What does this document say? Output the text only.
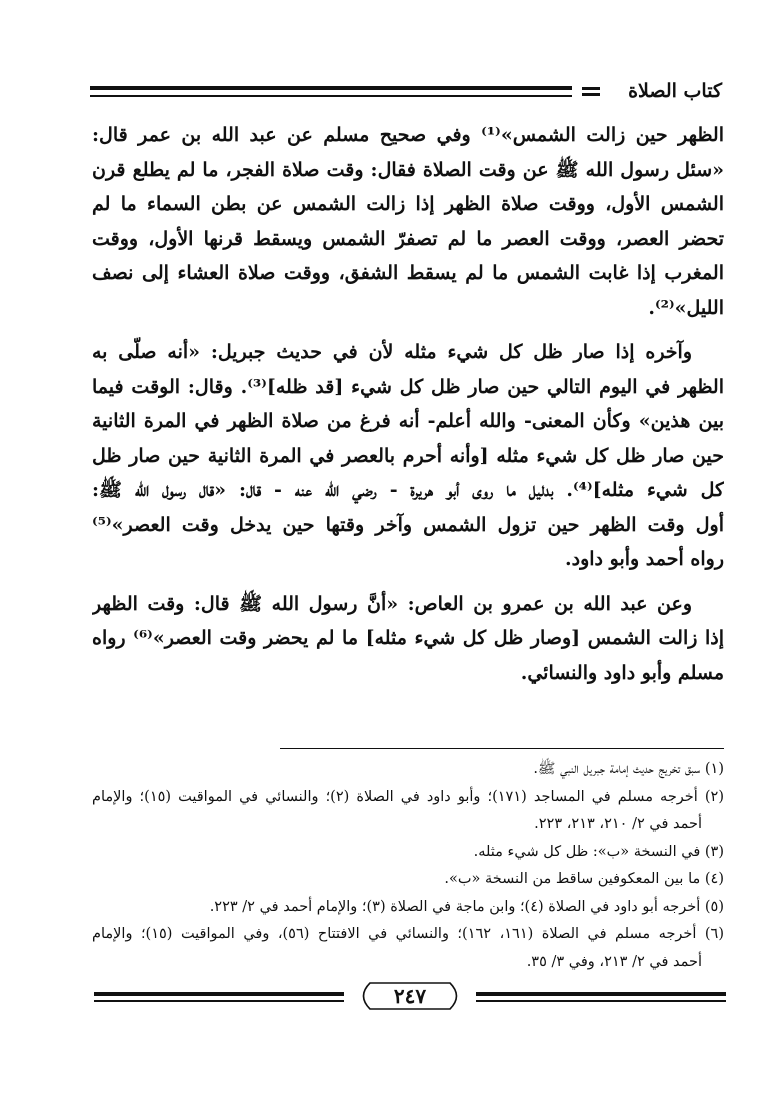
كتاب الصلاة

الظهر حين زالت الشمس»⁽¹⁾ وفي صحيح مسلم عن عبد الله بن عمر قال:
«سئل رسول الله ﷺ عن وقت الصلاة فقال: وقت صلاة الفجر، ما لم يطلع قرن
الشمس الأول، ووقت صلاة الظهر إذا زالت الشمس عن بطن السماء ما لم
تحضر العصر، ووقت العصر ما لم تصفرّ الشمس ويسقط قرنها الأول، ووقت
المغرب إذا غابت الشمس ما لم يسقط الشفق، ووقت صلاة العشاء إلى نصف
الليل»⁽²⁾.

وآخره إذا صار ظل كل شيء مثله لأن في حديث جبريل: «أنه صلّى به
الظهر في اليوم التالي حين صار ظل كل شيء [قد ظله]⁽³⁾. وقال: الوقت فيما
بين هذين» وكأن المعنى- والله أعلم- أنه فرغ من صلاة الظهر في المرة الثانية
حين صار ظل كل شيء مثله [وأنه أحرم بالعصر في المرة الثانية حين صار ظل
كل شيء مثله]⁽⁴⁾. بدليل ما روى أبو هريرة - رضي الله عنه - قال: «قال رسول الله ﷺ:
أول وقت الظهر حين تزول الشمس وآخر وقتها حين يدخل وقت العصر»⁽⁵⁾
رواه أحمد وأبو داود.

وعن عبد الله بن عمرو بن العاص: «أنَّ رسول الله ﷺ قال: وقت الظهر
إذا زالت الشمس [وصار ظل كل شيء مثله] ما لم يحضر وقت العصر»⁽⁶⁾ رواه
مسلم وأبو داود والنسائي.

(١) سبق تخريج حديث إمامة جبريل النبي ﷺ.
(٢) أخرجه مسلم في المساجد (١٧١)؛ وأبو داود في الصلاة (٢)؛ والنسائي في المواقيت (١٥)؛ والإمام
أحمد في ٢/ ٢١٠، ٢١٣، ٢٢٣.
(٣) في النسخة «ب»: ظل كل شيء مثله.
(٤) ما بين المعكوفين ساقط من النسخة «ب».
(٥) أخرجه أبو داود في الصلاة (٤)؛ وابن ماجة في الصلاة (٣)؛ والإمام أحمد في ٢/ ٢٢٣.
(٦) أخرجه مسلم في الصلاة (١٦١، ١٦٢)؛ والنسائي في الافتتاح (٥٦)، وفي المواقيت (١٥)؛ والإمام
أحمد في ٢/ ٢١٣، وفي ٣/ ٣٥.
٢٤٧
